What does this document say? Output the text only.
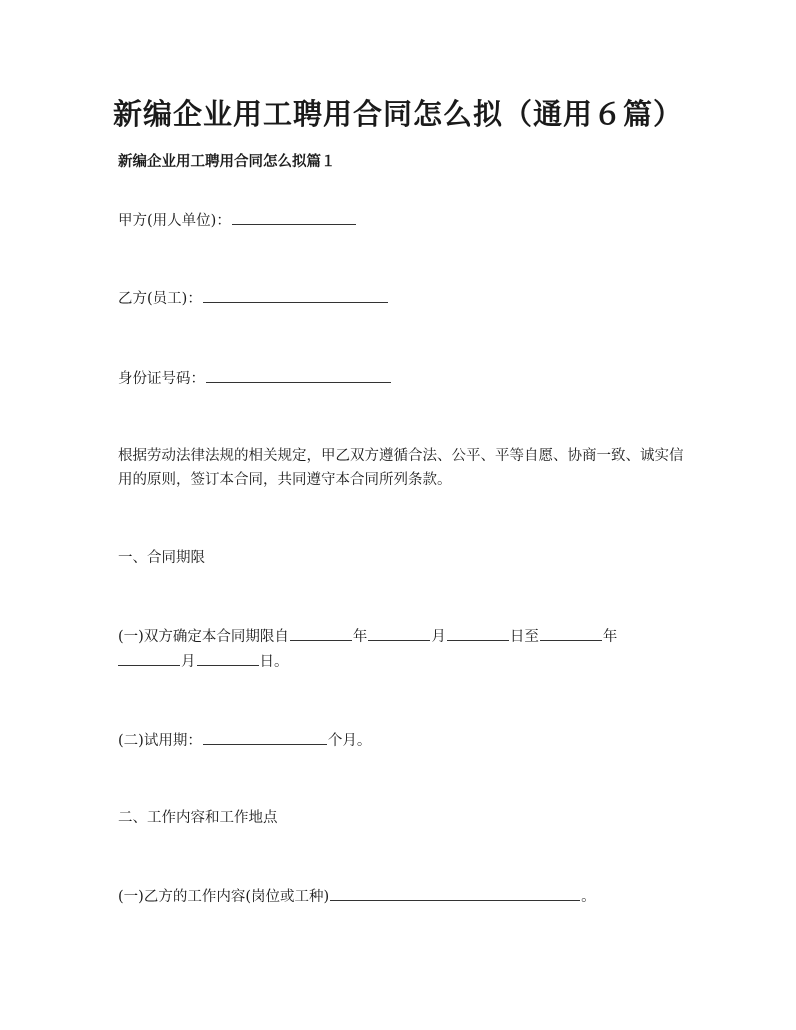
新编企业用工聘用合同怎么拟（通用６篇）
新编企业用工聘用合同怎么拟篇１

甲方(用人单位)：

乙方(员工)：

身份证号码：

根据劳动法律法规的相关规定，甲乙双方遵循合法、公平、平等自愿、协商一致、诚实信用的原则，签订本合同，共同遵守本合同所列条款。

一、合同期限

(一)双方确定本合同期限自	年	月	日至	年
月	日。

(二)试用期：	个月。

二、工作内容和工作地点

(一)乙方的工作内容(岗位或工种)	。
